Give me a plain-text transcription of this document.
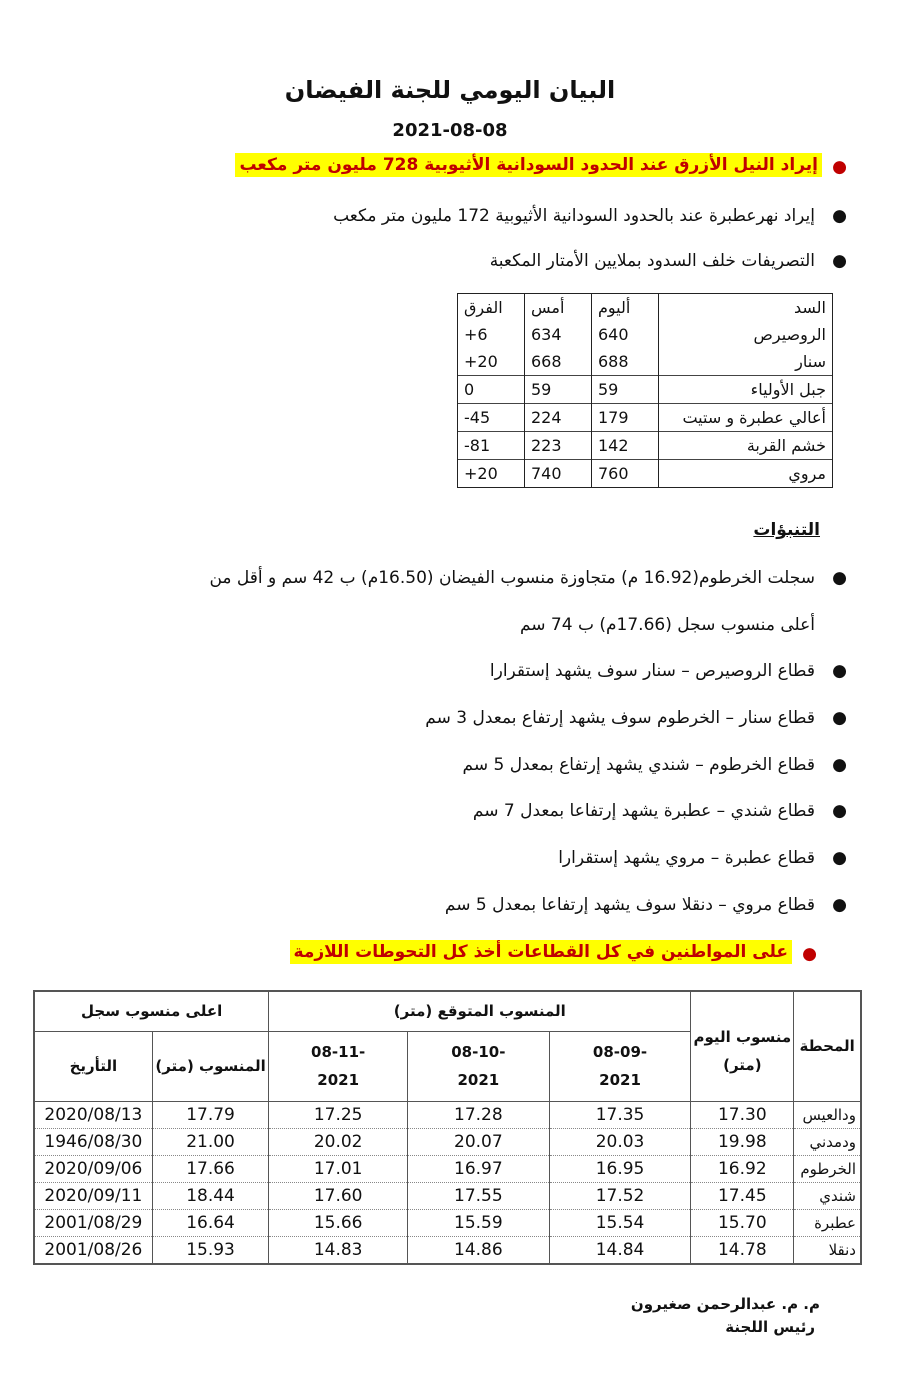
البيان اليومي للجنة الفيضان
2021-08-08
إيراد النيل الأزرق عند الحدود السودانية الأثيوبية 728 مليون متر مكعب ●
إيراد نهرعطبرة عند بالحدود السودانية الأثيوبية 172 مليون متر مكعب ●
التصريفات خلف السدود بملايين الأمتار المكعبة ●
السد	أليوم	أمس	الفرق
الروصيرص	640	634	6+
سنار	688	668	20+
جبل الأولياء	59	59	0
أعالي عطبرة و ستيت	179	224	45-
خشم القربة	142	223	81-
مروي	760	740	20+
التنبؤات
سجلت الخرطوم(16.92 م) متجاوزة منسوب الفيضان (16.50م) ب 42 سم و أقل من ●
أعلى منسوب سجل (17.66م) ب 74 سم
قطاع الروصيرص – سنار سوف يشهد إستقرارا ●
قطاع سنار – الخرطوم سوف يشهد إرتفاع بمعدل 3 سم ●
قطاع الخرطوم – شندي يشهد إرتفاع بمعدل 5 سم ●
قطاع شندي – عطبرة يشهد إرتفاعا بمعدل 7 سم ●
قطاع عطبرة – مروي يشهد إستقرارا ●
قطاع مروي – دنقلا سوف يشهد إرتفاعا بمعدل 5 سم ●
على المواطنين في كل القطاعات أخذ كل التحوطات اللازمة ●
المحطة	منسوب اليوم (متر)	المنسوب المتوقع (متر)			اعلى منسوب سجل	
		-08-09 2021	-08-10 2021	-08-11 2021	المنسوب (متر)	التأريخ
ودالعيس	17.30	17.35	17.28	17.25	17.79	2020/08/13
ودمدني	19.98	20.03	20.07	20.02	21.00	1946/08/30
الخرطوم	16.92	16.95	16.97	17.01	17.66	2020/09/06
شندي	17.45	17.52	17.55	17.60	18.44	2020/09/11
عطبرة	15.70	15.54	15.59	15.66	16.64	2001/08/29
دنقلا	14.78	14.84	14.86	14.83	15.93	2001/08/26
م. م. عبدالرحمن صغيرون
رئيس اللجنة
